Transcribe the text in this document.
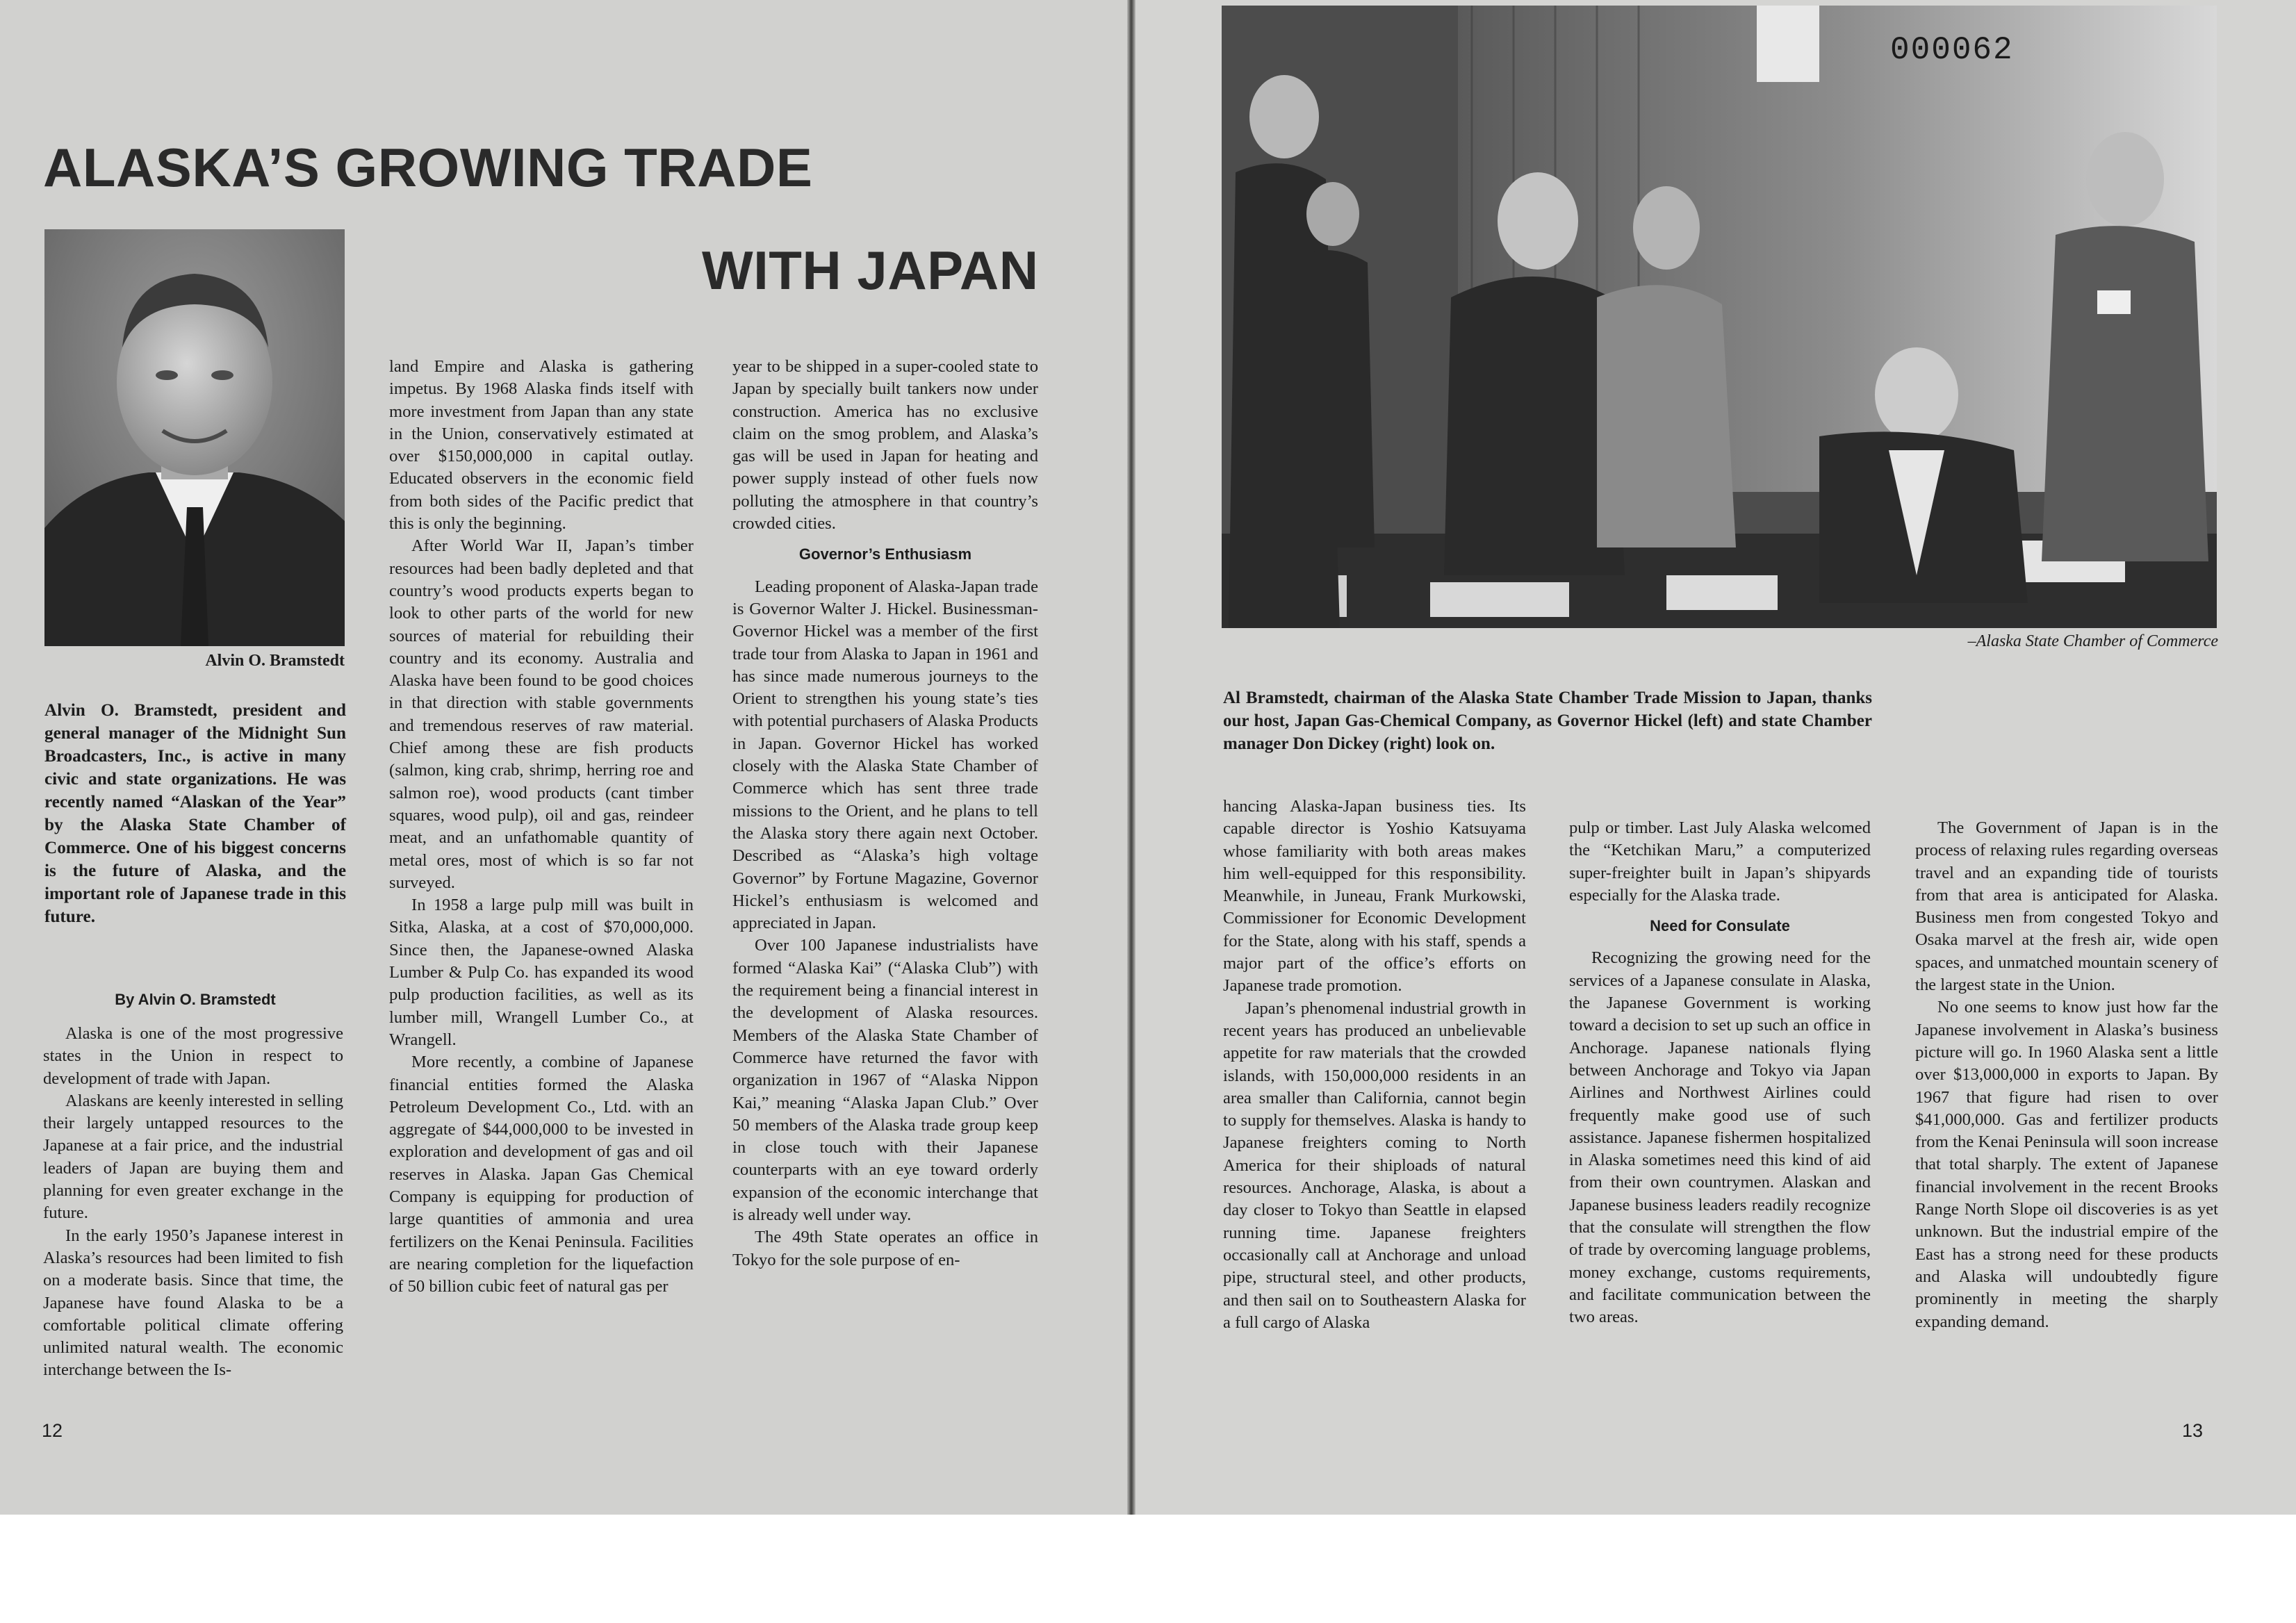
ALASKA’S GROWING TRADE
WITH JAPAN
Alvin O. Bramstedt

Alvin O. Bramstedt, president and general manager of the Midnight Sun Broadcasters, Inc., is active in many civic and state organizations. He was recently named “Alaskan of the Year” by the Alaska State Chamber of Commerce. One of his biggest concerns is the future of Alaska, and the important role of Japanese trade in this future.

By Alvin O. Bramstedt

Alaska is one of the most progressive states in the Union in respect to development of trade with Japan.

Alaskans are keenly interested in selling their largely untapped resources to the Japanese at a fair price, and the industrial leaders of Japan are buying them and planning for even greater exchange in the future.

In the early 1950’s Japanese interest in Alaska’s resources had been limited to fish on a moderate basis. Since that time, the Japanese have found Alaska to be a comfortable political climate offering unlimited natural wealth. The economic interchange between the Is-

land Empire and Alaska is gathering impetus. By 1968 Alaska finds itself with more investment from Japan than any state in the Union, conservatively estimated at over $150,000,000 in capital outlay. Educated observers in the economic field from both sides of the Pacific predict that this is only the beginning.

After World War II, Japan’s timber resources had been badly depleted and that country’s wood products experts began to look to other parts of the world for new sources of material for rebuilding their country and its economy. Australia and Alaska have been found to be good choices in that direction with stable governments and tremendous reserves of raw material. Chief among these are fish products (salmon, king crab, shrimp, herring roe and salmon roe), wood products (cant timber squares, wood pulp), oil and gas, reindeer meat, and an unfathomable quantity of metal ores, most of which is so far not surveyed.

In 1958 a large pulp mill was built in Sitka, Alaska, at a cost of $70,000,000. Since then, the Japanese-owned Alaska Lumber & Pulp Co. has expanded its wood pulp production facilities, as well as its lumber mill, Wrangell Lumber Co., at Wrangell.

More recently, a combine of Japanese financial entities formed the Alaska Petroleum Development Co., Ltd. with an aggregate of $44,000,000 to be invested in exploration and development of gas and oil reserves in Alaska. Japan Gas Chemical Company is equipping for production of large quantities of ammonia and urea fertilizers on the Kenai Peninsula. Facilities are nearing completion for the liquefaction of 50 billion cubic feet of natural gas per

year to be shipped in a super-cooled state to Japan by specially built tankers now under construction. America has no exclusive claim on the smog problem, and Alaska’s gas will be used in Japan for heating and power supply instead of other fuels now polluting the atmosphere in that country’s crowded cities.

Governor’s Enthusiasm

Leading proponent of Alaska-Japan trade is Governor Walter J. Hickel. Businessman-Governor Hickel was a member of the first trade tour from Alaska to Japan in 1961 and has since made numerous journeys to the Orient to strengthen his young state’s ties with potential purchasers of Alaska Products in Japan. Governor Hickel has worked closely with the Alaska State Chamber of Commerce which has sent three trade missions to the Orient, and he plans to tell the Alaska story there again next October. Described as “Alaska’s high voltage Governor” by Fortune Magazine, Governor Hickel’s enthusiasm is welcomed and appreciated in Japan.

Over 100 Japanese industrialists have formed “Alaska Kai” (“Alaska Club”) with the requirement being a financial interest in the development of Alaska resources. Members of the Alaska State Chamber of Commerce have returned the favor with organization in 1967 of “Alaska Nippon Kai,” meaning “Alaska Japan Club.” Over 50 members of the Alaska trade group keep in close touch with their Japanese counterparts with an eye toward orderly expansion of the economic interchange that is already well under way.

The 49th State operates an office in Tokyo for the sole purpose of en-

12
000062
–Alaska State Chamber of Commerce

Al Bramstedt, chairman of the Alaska State Chamber Trade Mission to Japan, thanks our host, Japan Gas-Chemical Company, as Governor Hickel (left) and state Chamber manager Don Dickey (right) look on.

hancing Alaska-Japan business ties. Its capable director is Yoshio Katsuyama whose familiarity with both areas makes him well-equipped for this responsibility. Meanwhile, in Juneau, Frank Murkowski, Commissioner for Economic Development for the State, along with his staff, spends a major part of the office’s efforts on Japanese trade promotion.

Japan’s phenomenal industrial growth in recent years has produced an unbelievable appetite for raw materials that the crowded islands, with 150,000,000 residents in an area smaller than California, cannot begin to supply for themselves. Alaska is handy to Japanese freighters coming to North America for their shiploads of natural resources. Anchorage, Alaska, is about a day closer to Tokyo than Seattle in elapsed running time. Japanese freighters occasionally call at Anchorage and unload pipe, structural steel, and other products, and then sail on to Southeastern Alaska for a full cargo of Alaska

pulp or timber. Last July Alaska welcomed the “Ketchikan Maru,” a computerized super-freighter built in Japan’s shipyards especially for the Alaska trade.

Need for Consulate

Recognizing the growing need for the services of a Japanese consulate in Alaska, the Japanese Government is working toward a decision to set up such an office in Anchorage. Japanese nationals flying between Anchorage and Tokyo via Japan Airlines and Northwest Airlines could frequently make good use of such assistance. Japanese fishermen hospitalized in Alaska sometimes need this kind of aid from their own countrymen. Alaskan and Japanese business leaders readily recognize that the consulate will strengthen the flow of trade by overcoming language problems, money exchange, customs requirements, and facilitate communication between the two areas.

The Government of Japan is in the process of relaxing rules regarding overseas travel and an expanding tide of tourists from that area is anticipated for Alaska. Business men from congested Tokyo and Osaka marvel at the fresh air, wide open spaces, and unmatched mountain scenery of the largest state in the Union.

No one seems to know just how far the Japanese involvement in Alaska’s business picture will go. In 1960 Alaska sent a little over $13,000,000 in exports to Japan. By 1967 that figure had risen to over $41,000,000. Gas and fertilizer products from the Kenai Peninsula will soon increase that total sharply. The extent of Japanese financial involvement in the recent Brooks Range North Slope oil discoveries is as yet unknown. But the industrial empire of the East has a strong need for these products and Alaska will undoubtedly figure prominently in meeting the sharply expanding demand.

13
